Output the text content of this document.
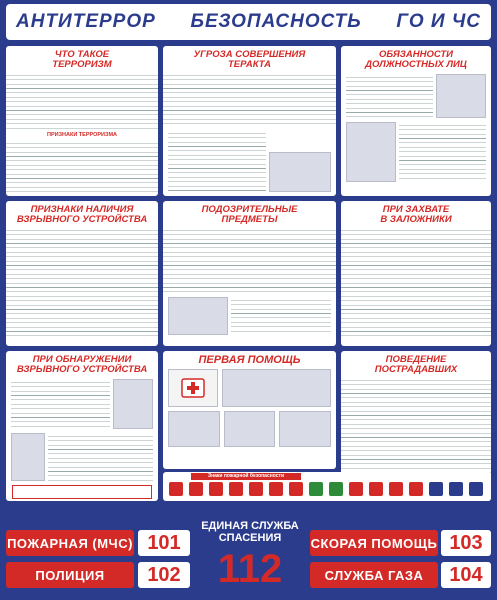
АНТИТЕРРОР БЕЗОПАСНОСТЬ ГО И ЧС
ЧТО ТАКОЕ
ТЕРРОРИЗМ
ПРИЗНАКИ ТЕРРОРИЗМА
УГРОЗА СОВЕРШЕНИЯ
ТЕРАКТА
ОБЯЗАННОСТИ
ДОЛЖНОСТНЫХ ЛИЦ
ПРИЗНАКИ НАЛИЧИЯ
ВЗРЫВНОГО УСТРОЙСТВА
ПОДОЗРИТЕЛЬНЫЕ
ПРЕДМЕТЫ
ПРИ ЗАХВАТЕ
В ЗАЛОЖНИКИ
ПРИ ОБНАРУЖЕНИИ
ВЗРЫВНОГО УСТРОЙСТВА
ПЕРВАЯ ПОМОЩЬ	ПОВЕДЕНИЕ
ПОСТРАДАВШИХ
Знаки пожарной безопасности
ПОЖАРНАЯ (МЧС) 101
ПОЛИЦИЯ	102
ЕДИНАЯ СЛУЖБА
СПАСЕНИЯ
112
СКОРАЯ ПОМОЩЬ 103
СЛУЖБА ГАЗА	104
